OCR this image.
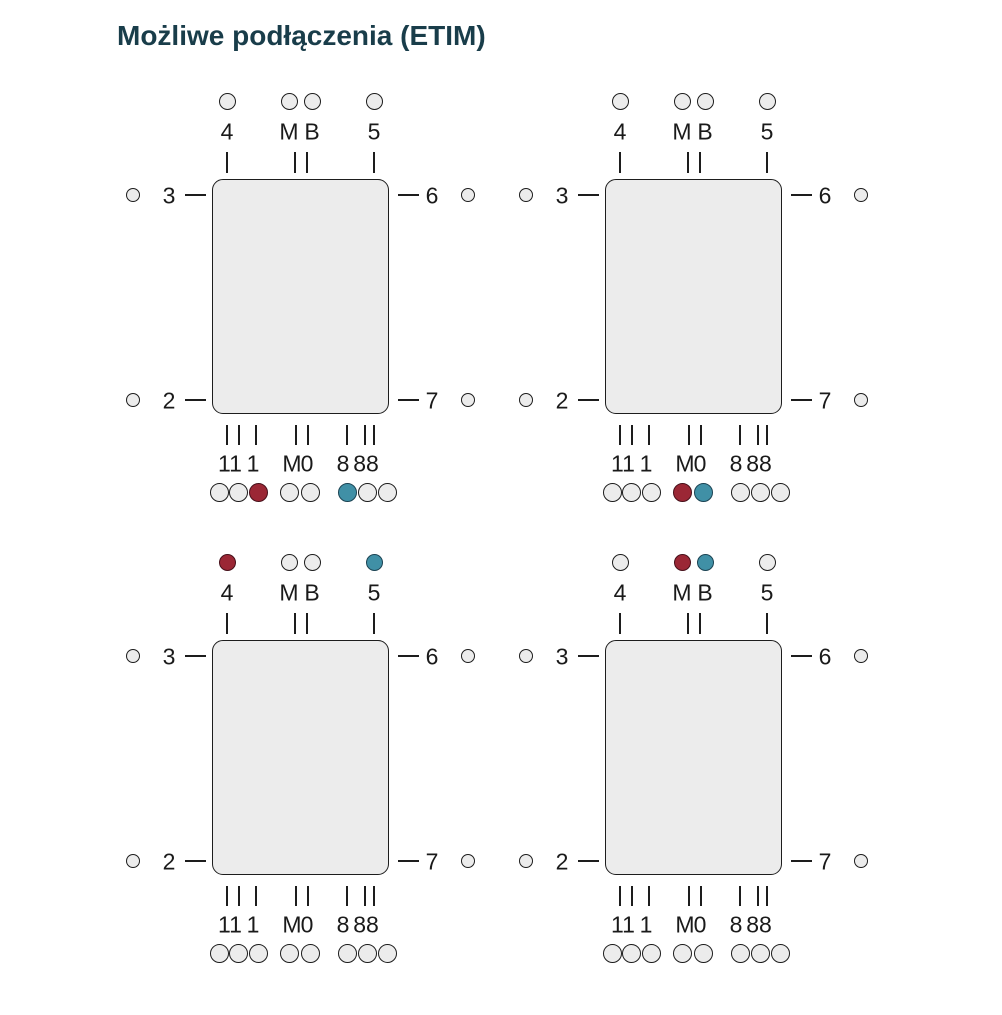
Możliwe podłączenia (ETIM)
4 M B 5
3	6
2	7
11 1 M 0 8 88
4 M B 5
3	6
2	7
11 1 M 0 8 88
4 M B 5
3	6
2	7
11 1 M 0 8 88
4 M B 5
3	6
2	7
11 1 M 0 8 88
